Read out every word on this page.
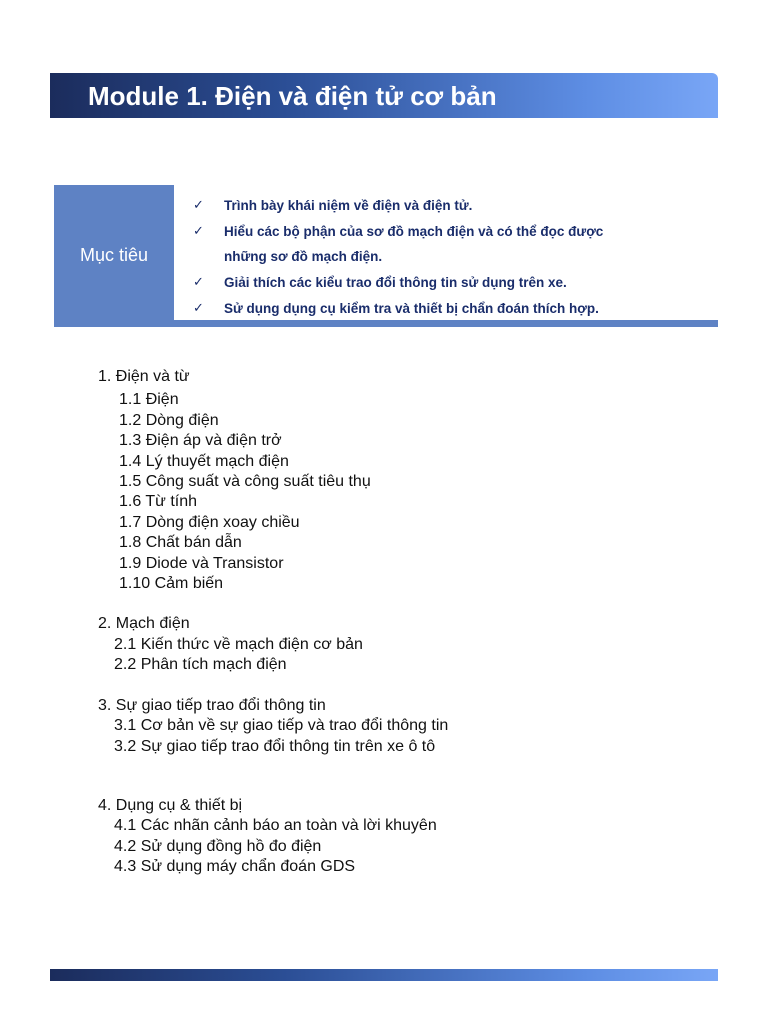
Module 1. Điện và điện tử cơ bản
Mục tiêu
✓ Trình bày khái niệm về điện và điện tử.
✓ Hiểu các bộ phận của sơ đồ mạch điện và có thể đọc được
những sơ đồ mạch điện.
✓ Giải thích các kiểu trao đổi thông tin sử dụng trên xe.
✓ Sử dụng dụng cụ kiểm tra và thiết bị chẩn đoán thích hợp.
1. Điện và từ
1.1 Điện
1.2 Dòng điện
1.3 Điện áp và điện trở
1.4 Lý thuyết mạch điện
1.5 Công suất và công suất tiêu thụ
1.6 Từ tính
1.7 Dòng điện xoay chiều
1.8 Chất bán dẫn
1.9 Diode và Transistor
1.10 Cảm biến
2. Mạch điện
2.1 Kiến thức về mạch điện cơ bản
2.2 Phân tích mạch điện
3. Sự giao tiếp trao đổi thông tin
3.1 Cơ bản về sự giao tiếp và trao đổi thông tin
3.2 Sự giao tiếp trao đổi thông tin trên xe ô tô
4. Dụng cụ & thiết bị
4.1 Các nhãn cảnh báo an toàn và lời khuyên
4.2 Sử dụng đồng hồ đo điện
4.3 Sử dụng máy chẩn đoán GDS
